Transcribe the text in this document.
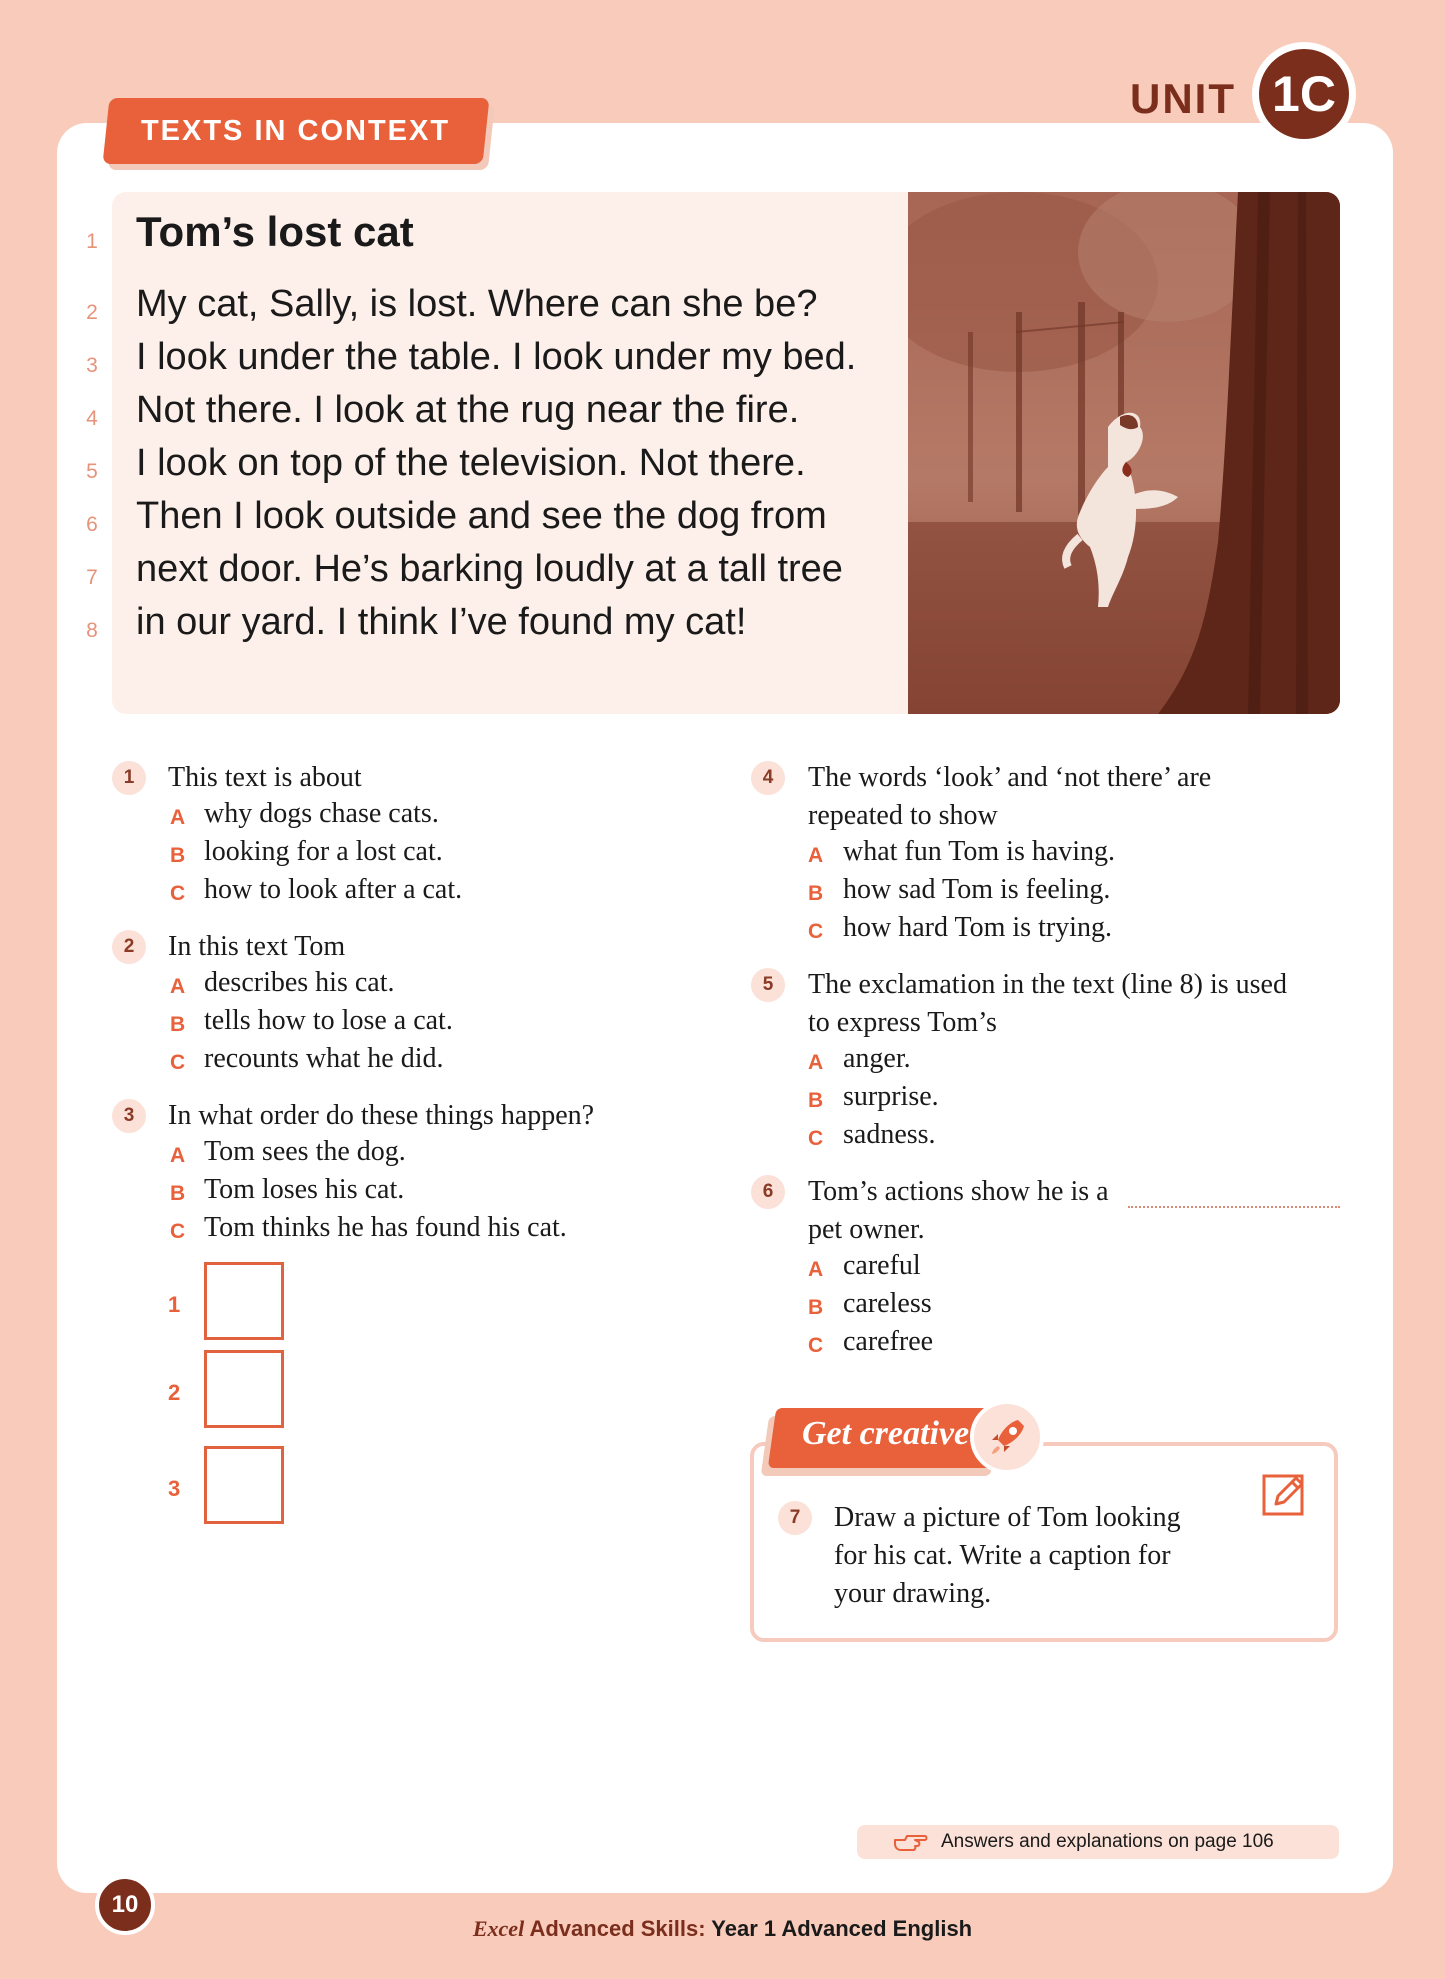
UNIT 1C
TEXTS IN CONTEXT
1
2
3
4
5
6
7
8
Tom’s lost cat
My cat, Sally, is lost. Where can she be?
I look under the table. I look under my bed.
Not there. I look at the rug near the fire.
I look on top of the television. Not there.
Then I look outside and see the dog from
next door. He’s barking loudly at a tall tree
in our yard. I think I’ve found my cat!
1	This text is about
A why dogs chase cats.
B looking for a lost cat.
C how to look after a cat.
2	In this text Tom
A describes his cat.
B tells how to lose a cat.
C recounts what he did.
3	In what order do these things happen?
A Tom sees the dog.
B Tom loses his cat.
C Tom thinks he has found his cat.
1
2
3
4	The words ‘look’ and ‘not there’ are
repeated to show
A what fun Tom is having.
B how sad Tom is feeling.
C how hard Tom is trying.
5	The exclamation in the text (line 8) is used
to express Tom’s
A anger.
B surprise.
C sadness.
6	Tom’s actions show he is a
pet owner.
A careful
B careless
C carefree
Get creative
7	Draw a picture of Tom looking
for his cat. Write a caption for
your drawing.
Answers and explanations on page 106
10
Excel Advanced Skills: Year 1 Advanced English
